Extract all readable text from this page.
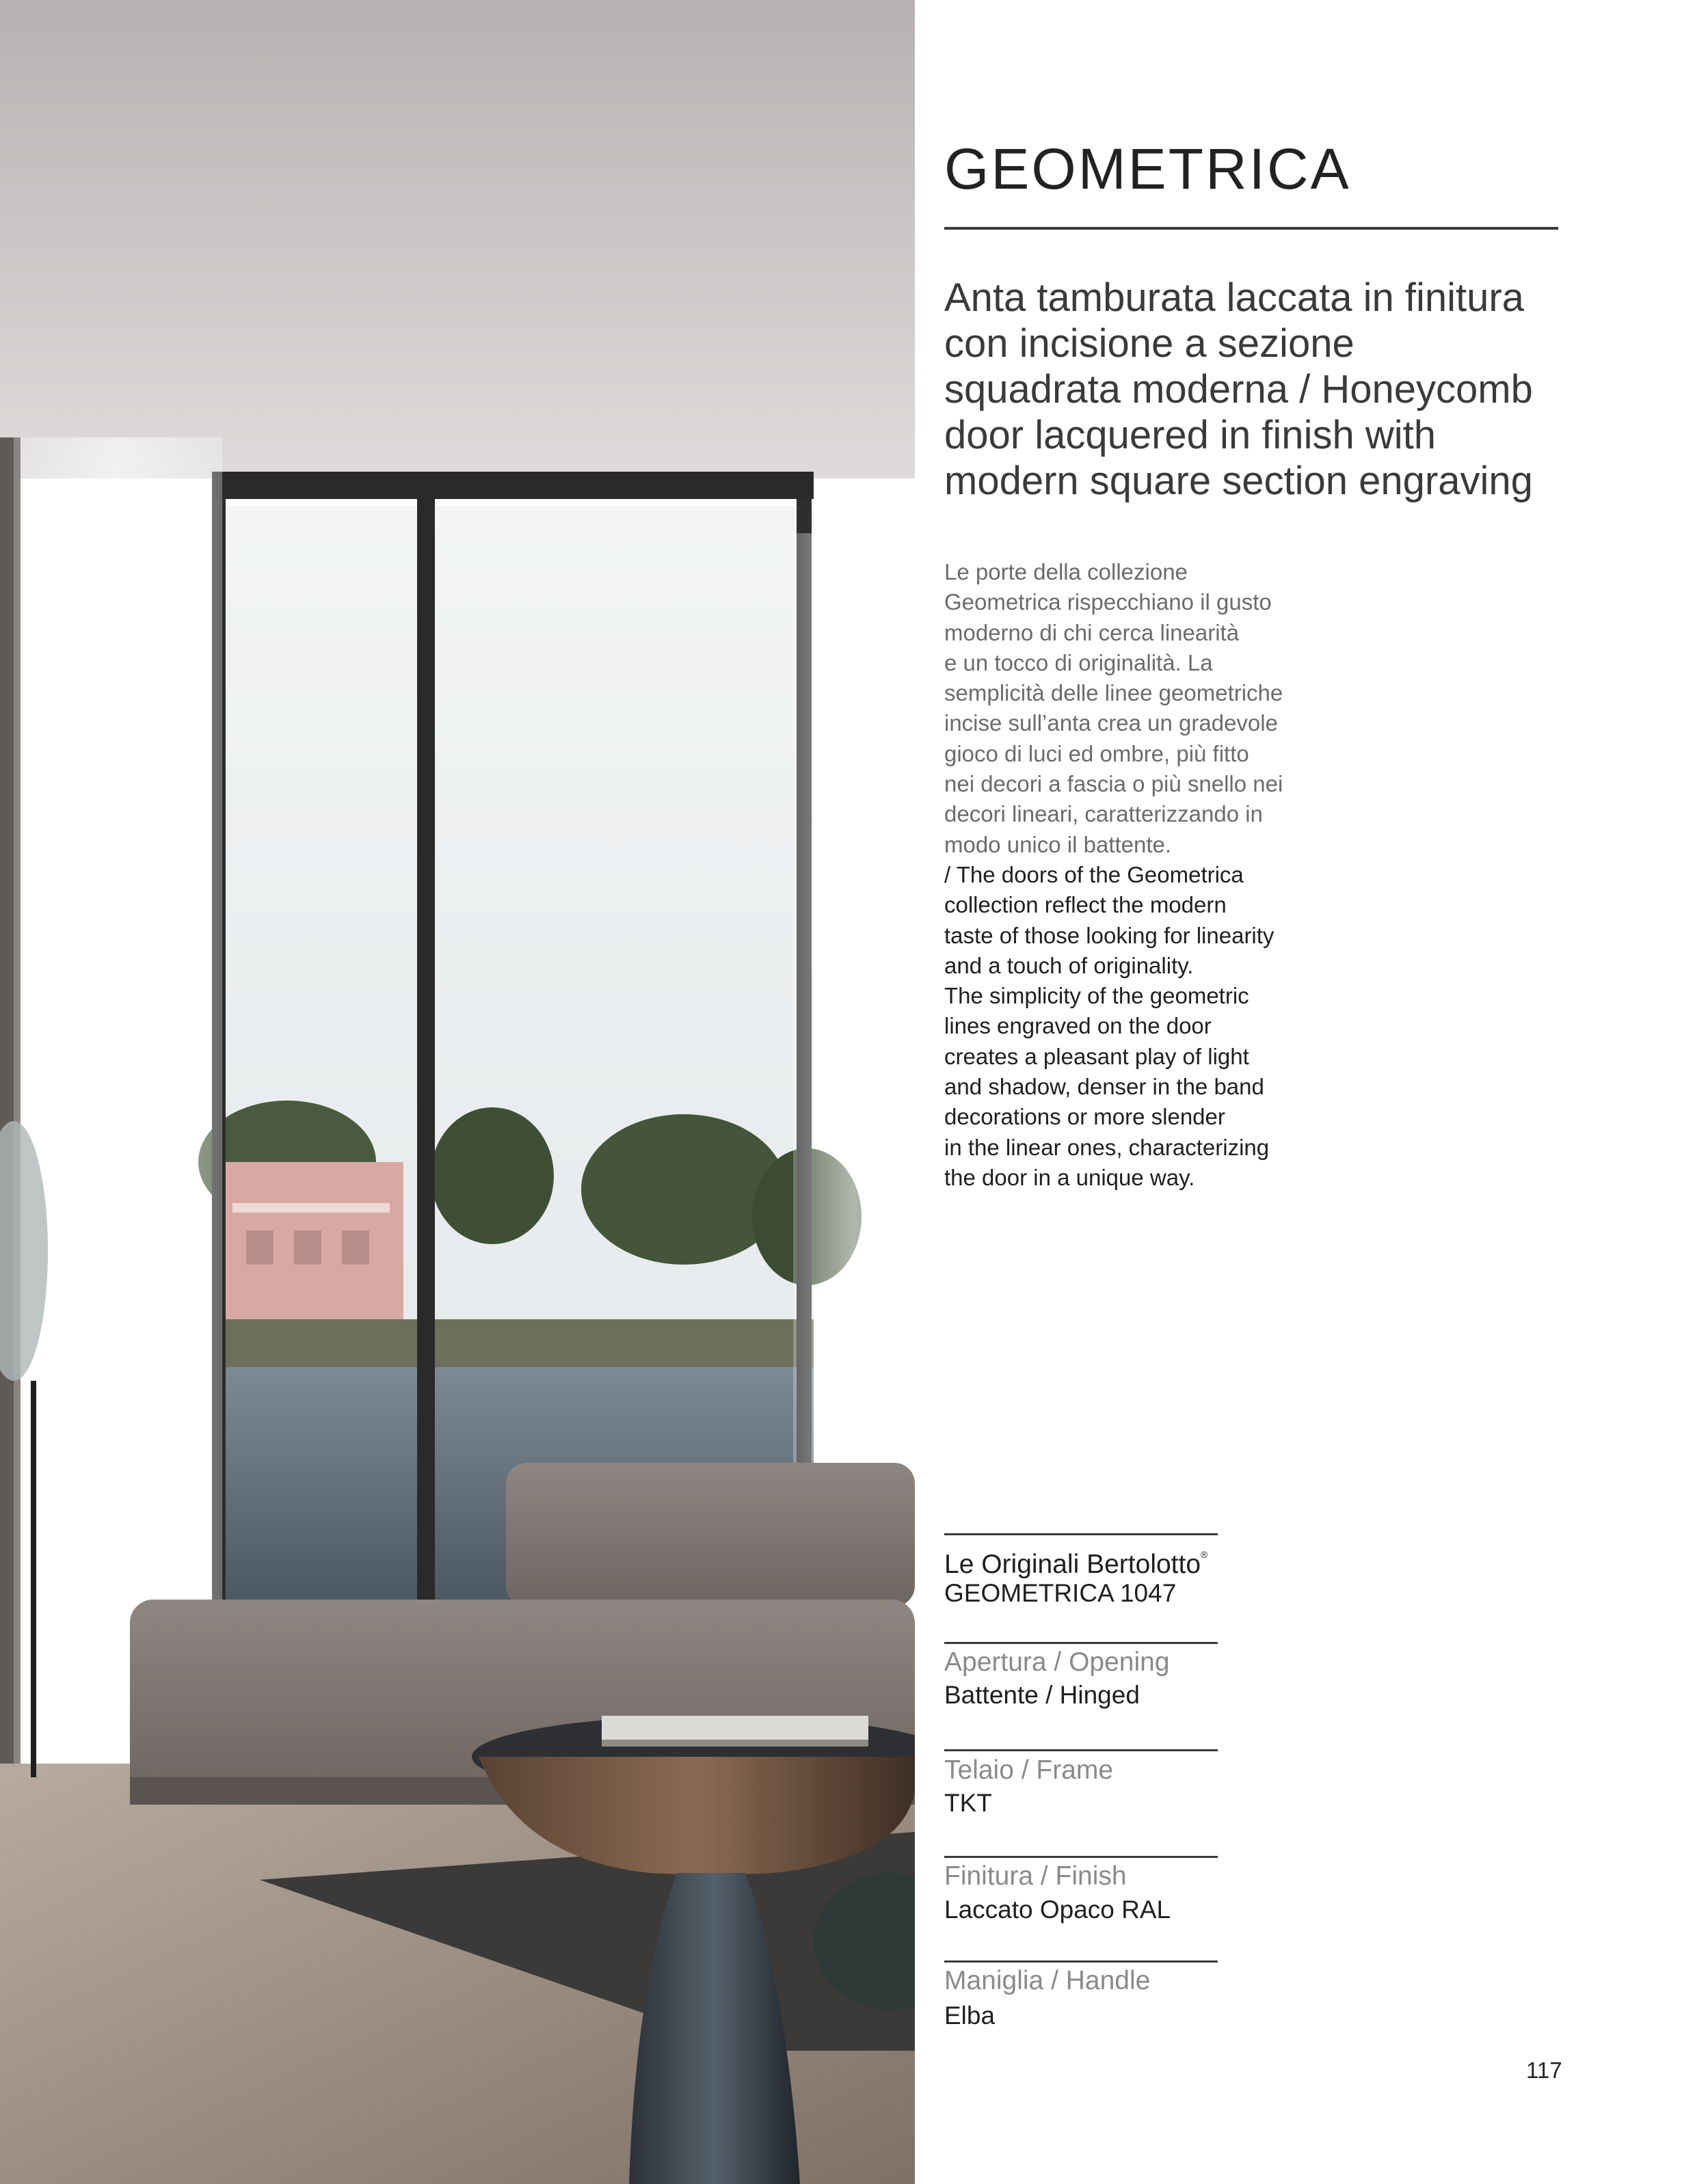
GEOMETRICA
Anta tamburata laccata in finitura
con incisione a sezione
squadrata moderna / Honeycomb
door lacquered in finish with
modern square section engraving
Le porte della collezione
Geometrica rispecchiano il gusto
moderno di chi cerca linearità
e un tocco di originalità. La
semplicità delle linee geometriche
incise sull’anta crea un gradevole
gioco di luci ed ombre, più fitto
nei decori a fascia o più snello nei
decori lineari, caratterizzando in
modo unico il battente.
/ The doors of the Geometrica
collection reflect the modern
taste of those looking for linearity
and a touch of originality.
The simplicity of the geometric
lines engraved on the door
creates a pleasant play of light
and shadow, denser in the band
decorations or more slender
in the linear ones, characterizing
the door in a unique way.
Le Originali Bertolotto®
GEOMETRICA 1047
Apertura / Opening
Battente / Hinged
Telaio / Frame
TKT
Finitura / Finish
Laccato Opaco RAL
Maniglia / Handle
Elba
117
